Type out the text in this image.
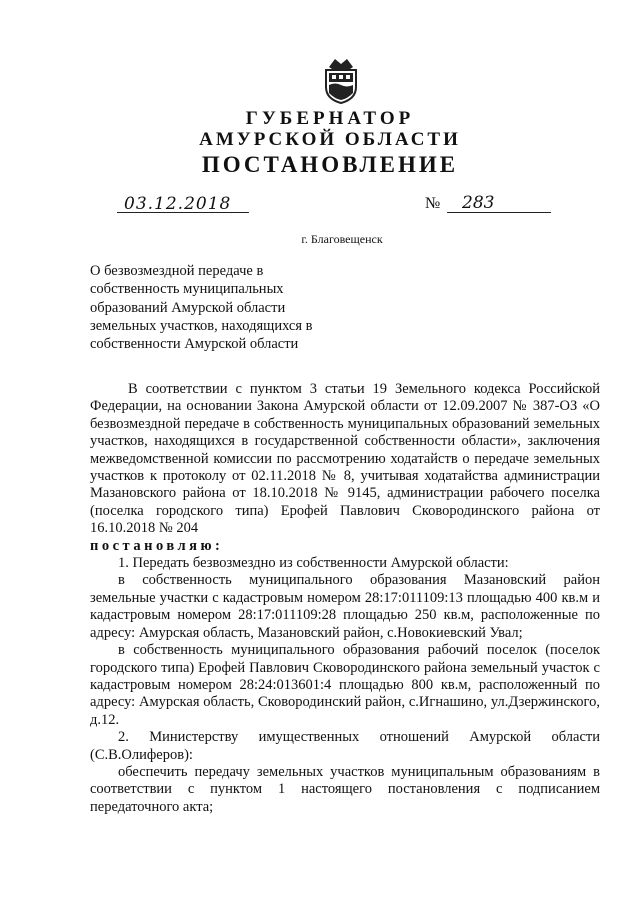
ГУБЕРНАТОР
АМУРСКОЙ ОБЛАСТИ
ПОСТАНОВЛЕНИЕ
03.12.2018	№ 283
г. Благовещенск
О безвозмездной передаче в
собственность муниципальных
образований Амурской области
земельных участков, находящихся в
собственности Амурской области

В соответствии с пунктом 3 статьи 19 Земельного кодекса Российской Федерации, на основании Закона Амурской области от 12.09.2007 № 387-ОЗ «О безвозмездной передаче в собственность муниципальных образований земельных участков, находящихся в государственной собственности области», заключения межведомственной комиссии по рассмотрению ходатайств о передаче земельных участков к протоколу от 02.11.2018 № 8, учитывая ходатайства администрации Мазановского района от 18.10.2018 № 9145, администрации рабочего поселка (поселка городского типа) Ерофей Павлович Сковородинского района от 16.10.2018 № 204

постановляю:

1. Передать безвозмездно из собственности Амурской области:

в собственность муниципального образования Мазановский район земельные участки с кадастровым номером 28:17:011109:13 площадью 400 кв.м и кадастровым номером 28:17:011109:28 площадью 250 кв.м, расположенные по адресу: Амурская область, Мазановский район, с.Новокиевский Увал;

в собственность муниципального образования рабочий поселок (поселок городского типа) Ерофей Павлович Сковородинского района земельный участок с кадастровым номером 28:24:013601:4 площадью 800 кв.м, расположенный по адресу: Амурская область, Сковородинский район, с.Игнашино, ул.Дзержинского, д.12.

2. Министерству имущественных отношений Амурской области (С.В.Олиферов):

обеспечить передачу земельных участков муниципальным образованиям в соответствии с пунктом 1 настоящего постановления с подписанием передаточного акта;
